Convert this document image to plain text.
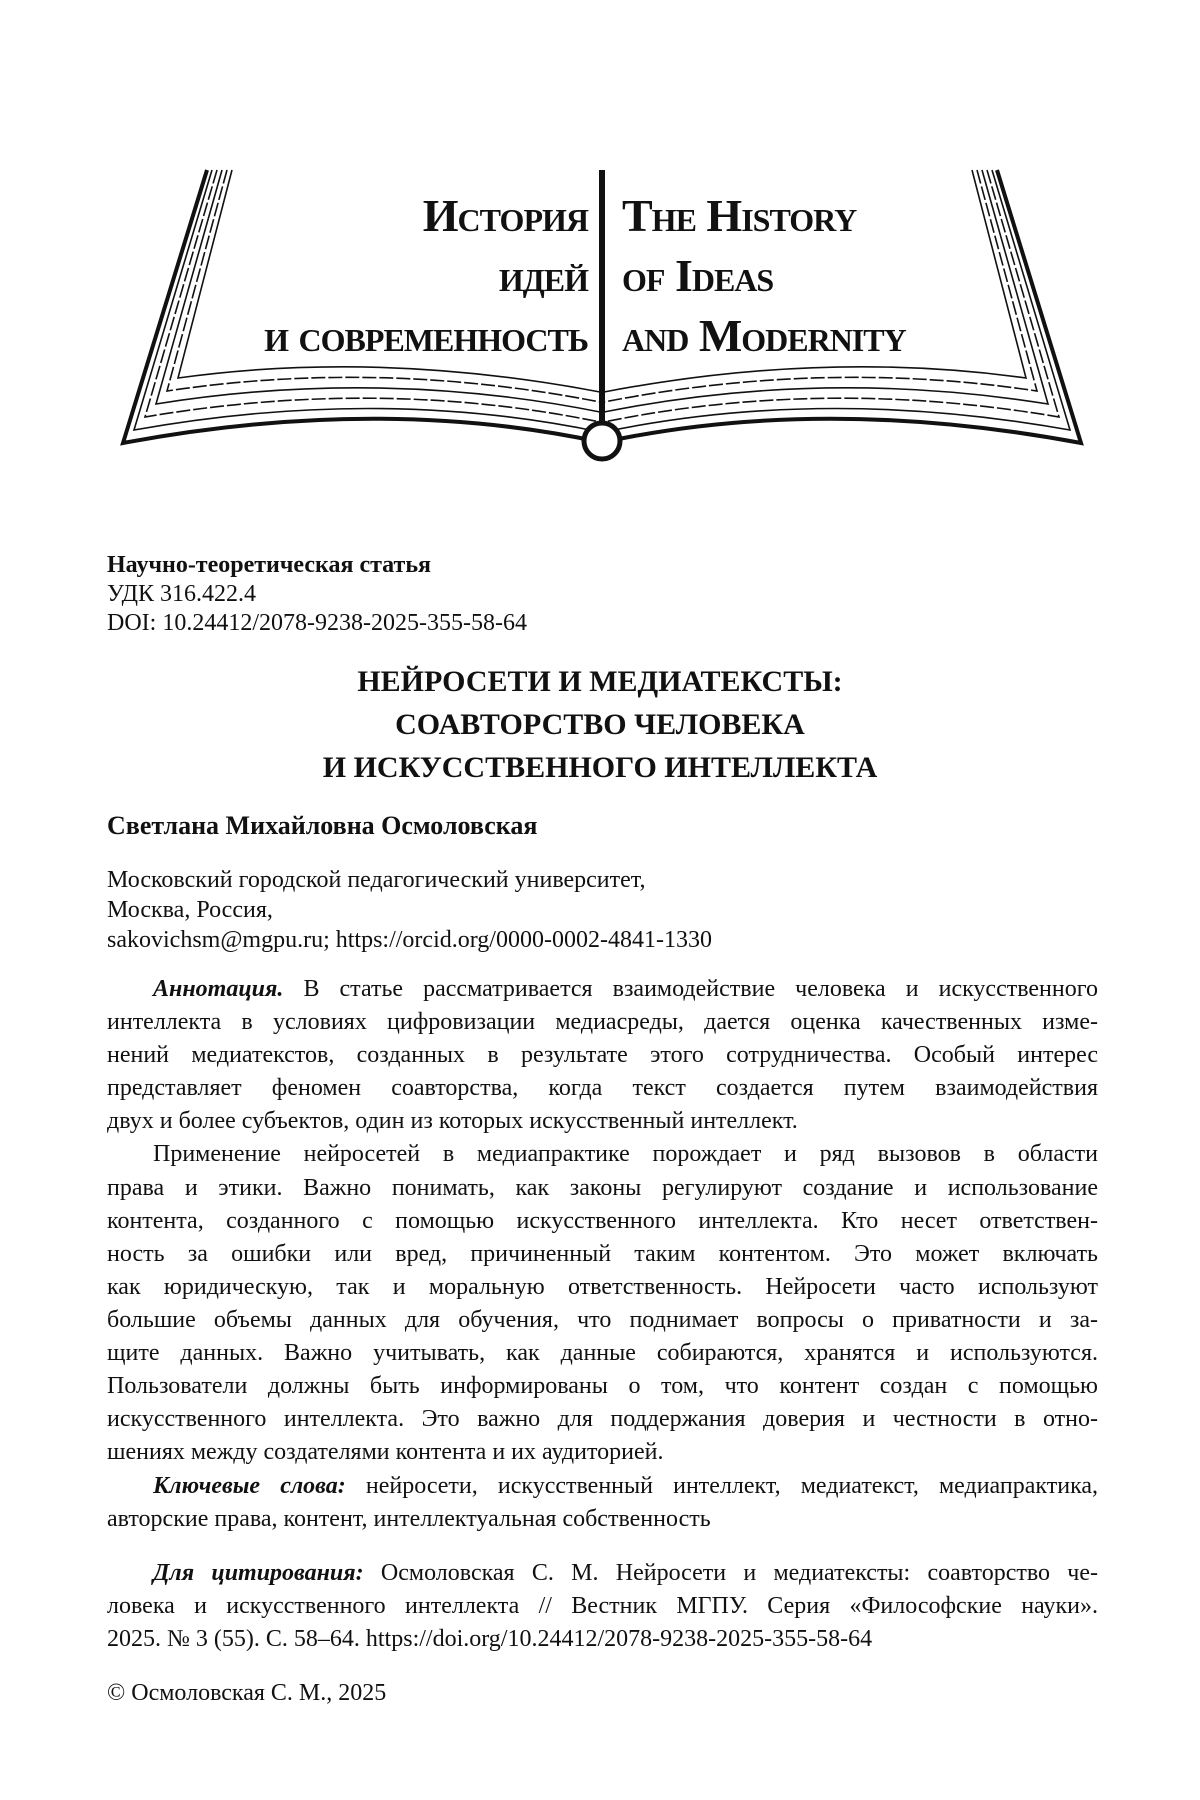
История
идей
и современность
The History
of Ideas
and Modernity
Научно-теоретическая статья
УДК 316.422.4
DOI: 10.24412/2078-9238-2025-355-58-64
НЕЙРОСЕТИ И МЕДИАТЕКСТЫ:
СОАВТОРСТВО ЧЕЛОВЕКА
И ИСКУССТВЕННОГО ИНТЕЛЛЕКТА
Светлана Михайловна Осмоловская
Московский городской педагогический университет,
Москва, Россия,
sakovichsm@mgpu.ru; https://orcid.org/0000-0002-4841-1330
Аннотация. В статье рассматривается взаимодействие человека и искусственного
интеллекта в условиях цифровизации медиасреды, дается оценка качественных изме-
нений медиатекстов, созданных в результате этого сотрудничества. Особый интерес
представляет феномен соавторства, когда текст создается путем взаимодействия
двух и более субъектов, один из которых искусственный интеллект.
Применение нейросетей в медиапрактике порождает и ряд вызовов в области
права и этики. Важно понимать, как законы регулируют создание и использование
контента, созданного с помощью искусственного интеллекта. Кто несет ответствен-
ность за ошибки или вред, причиненный таким контентом. Это может включать
как юридическую, так и моральную ответственность. Нейросети часто используют
большие объемы данных для обучения, что поднимает вопросы о приватности и за-
щите данных. Важно учитывать, как данные собираются, хранятся и используются.
Пользователи должны быть информированы о том, что контент создан с помощью
искусственного интеллекта. Это важно для поддержания доверия и честности в отно-
шениях между создателями контента и их аудиторией.
Ключевые слова: нейросети, искусственный интеллект, медиатекст, медиапрактика,
авторские права, контент, интеллектуальная собственность
Для цитирования: Осмоловская С. М. Нейросети и медиатексты: соавторство че-
ловека и искусственного интеллекта // Вестник МГПУ. Серия «Философские науки».
2025. № 3 (55). С. 58–64. https://doi.org/10.24412/2078-9238-2025-355-58-64
© Осмоловская С. М., 2025
